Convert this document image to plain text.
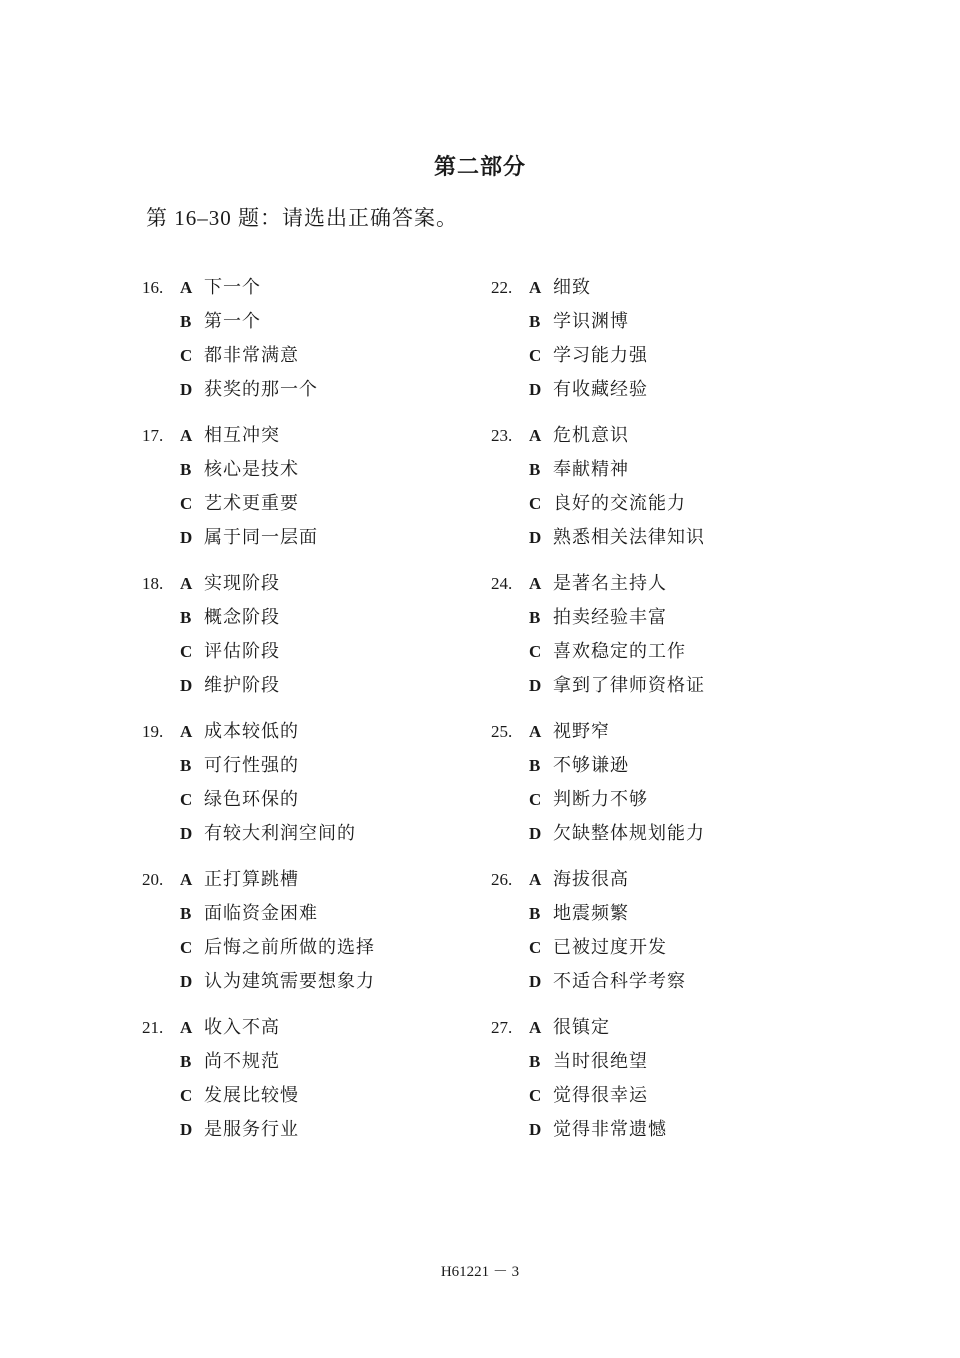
第二部分
第 16–30 题：请选出正确答案。
16. A 下一个
B 第一个
C 都非常满意
D 获奖的那一个
17. A 相互冲突
B 核心是技术
C 艺术更重要
D 属于同一层面
18. A 实现阶段
B 概念阶段
C 评估阶段
D 维护阶段
19. A 成本较低的
B 可行性强的
C 绿色环保的
D 有较大利润空间的
20. A 正打算跳槽
B 面临资金困难
C 后悔之前所做的选择
D 认为建筑需要想象力
21. A 收入不高
B 尚不规范
C 发展比较慢
D 是服务行业
22. A 细致
B 学识渊博
C 学习能力强
D 有收藏经验
23. A 危机意识
B 奉献精神
C 良好的交流能力
D 熟悉相关法律知识
24. A 是著名主持人
B 拍卖经验丰富
C 喜欢稳定的工作
D 拿到了律师资格证
25. A 视野窄
B 不够谦逊
C 判断力不够
D 欠缺整体规划能力
26. A 海拔很高
B 地震频繁
C 已被过度开发
D 不适合科学考察
27. A 很镇定
B 当时很绝望
C 觉得很幸运
D 觉得非常遗憾
H61221 － 3
